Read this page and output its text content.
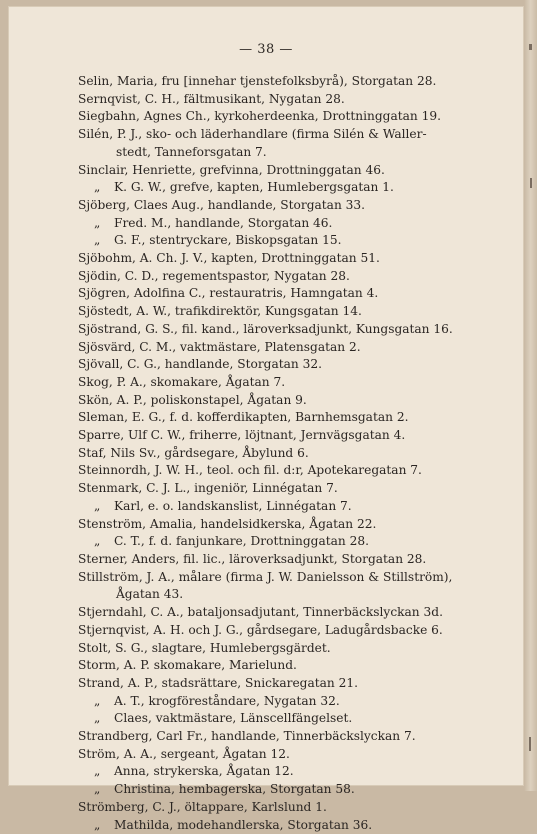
— 38 —
Selin, Maria, fru [innehar tjenstefolksbyrå), Storgatan 28.
Sernqvist, C. H., fältmusikant, Nygatan 28.
Siegbahn, Agnes Ch., kyrkoherdeenka, Drottninggatan 19.
Silén, P. J., sko- och läderhandlare (firma Silén & Waller-
stedt, Tanneforsgatan 7.
Sinclair, Henriette, grefvinna, Drottninggatan 46.
„ K. G. W., grefve, kapten, Humlebergsgatan 1.
Sjöberg, Claes Aug., handlande, Storgatan 33.
„ Fred. M., handlande, Storgatan 46.
„ G. F., stentryckare, Biskopsgatan 15.
Sjöbohm, A. Ch. J. V., kapten, Drottninggatan 51.
Sjödin, C. D., regementspastor, Nygatan 28.
Sjögren, Adolfina C., restauratris, Hamngatan 4.
Sjöstedt, A. W., trafikdirektör, Kungsgatan 14.
Sjöstrand, G. S., fil. kand., läroverksadjunkt, Kungsgatan 16.
Sjösvärd, C. M., vaktmästare, Platensgatan 2.
Sjövall, C. G., handlande, Storgatan 32.
Skog, P. A., skomakare, Ågatan 7.
Skön, A. P., poliskonstapel, Ågatan 9.
Sleman, E. G., f. d. kofferdikapten, Barnhemsgatan 2.
Sparre, Ulf C. W., friherre, löjtnant, Jernvägsgatan 4.
Staf, Nils Sv., gårdsegare, Åbylund 6.
Steinnordh, J. W. H., teol. och fil. d:r, Apotekaregatan 7.
Stenmark, C. J. L., ingeniör, Linnégatan 7.
„ Karl, e. o. landskanslist, Linnégatan 7.
Stenström, Amalia, handelsidkerska, Ågatan 22.
„ C. T., f. d. fanjunkare, Drottninggatan 28.
Sterner, Anders, fil. lic., läroverksadjunkt, Storgatan 28.
Stillström, J. A., målare (firma J. W. Danielsson & Stillström),
Ågatan 43.
Stjerndahl, C. A., bataljonsadjutant, Tinnerbäckslyckan 3d.
Stjernqvist, A. H. och J. G., gårdsegare, Ladugårdsbacke 6.
Stolt, S. G., slagtare, Humlebergsgärdet.
Storm, A. P. skomakare, Marielund.
Strand, A. P., stadsrättare, Snickaregatan 21.
„ A. T., krogföreståndare, Nygatan 32.
„ Claes, vaktmästare, Länscellfängelset.
Strandberg, Carl Fr., handlande, Tinnerbäckslyckan 7.
Ström, A. A., sergeant, Ågatan 12.
„ Anna, strykerska, Ågatan 12.
„ Christina, hembagerska, Storgatan 58.
Strömberg, C. J., öltappare, Karlslund 1.
„ Mathilda, modehandlerska, Storgatan 36.
